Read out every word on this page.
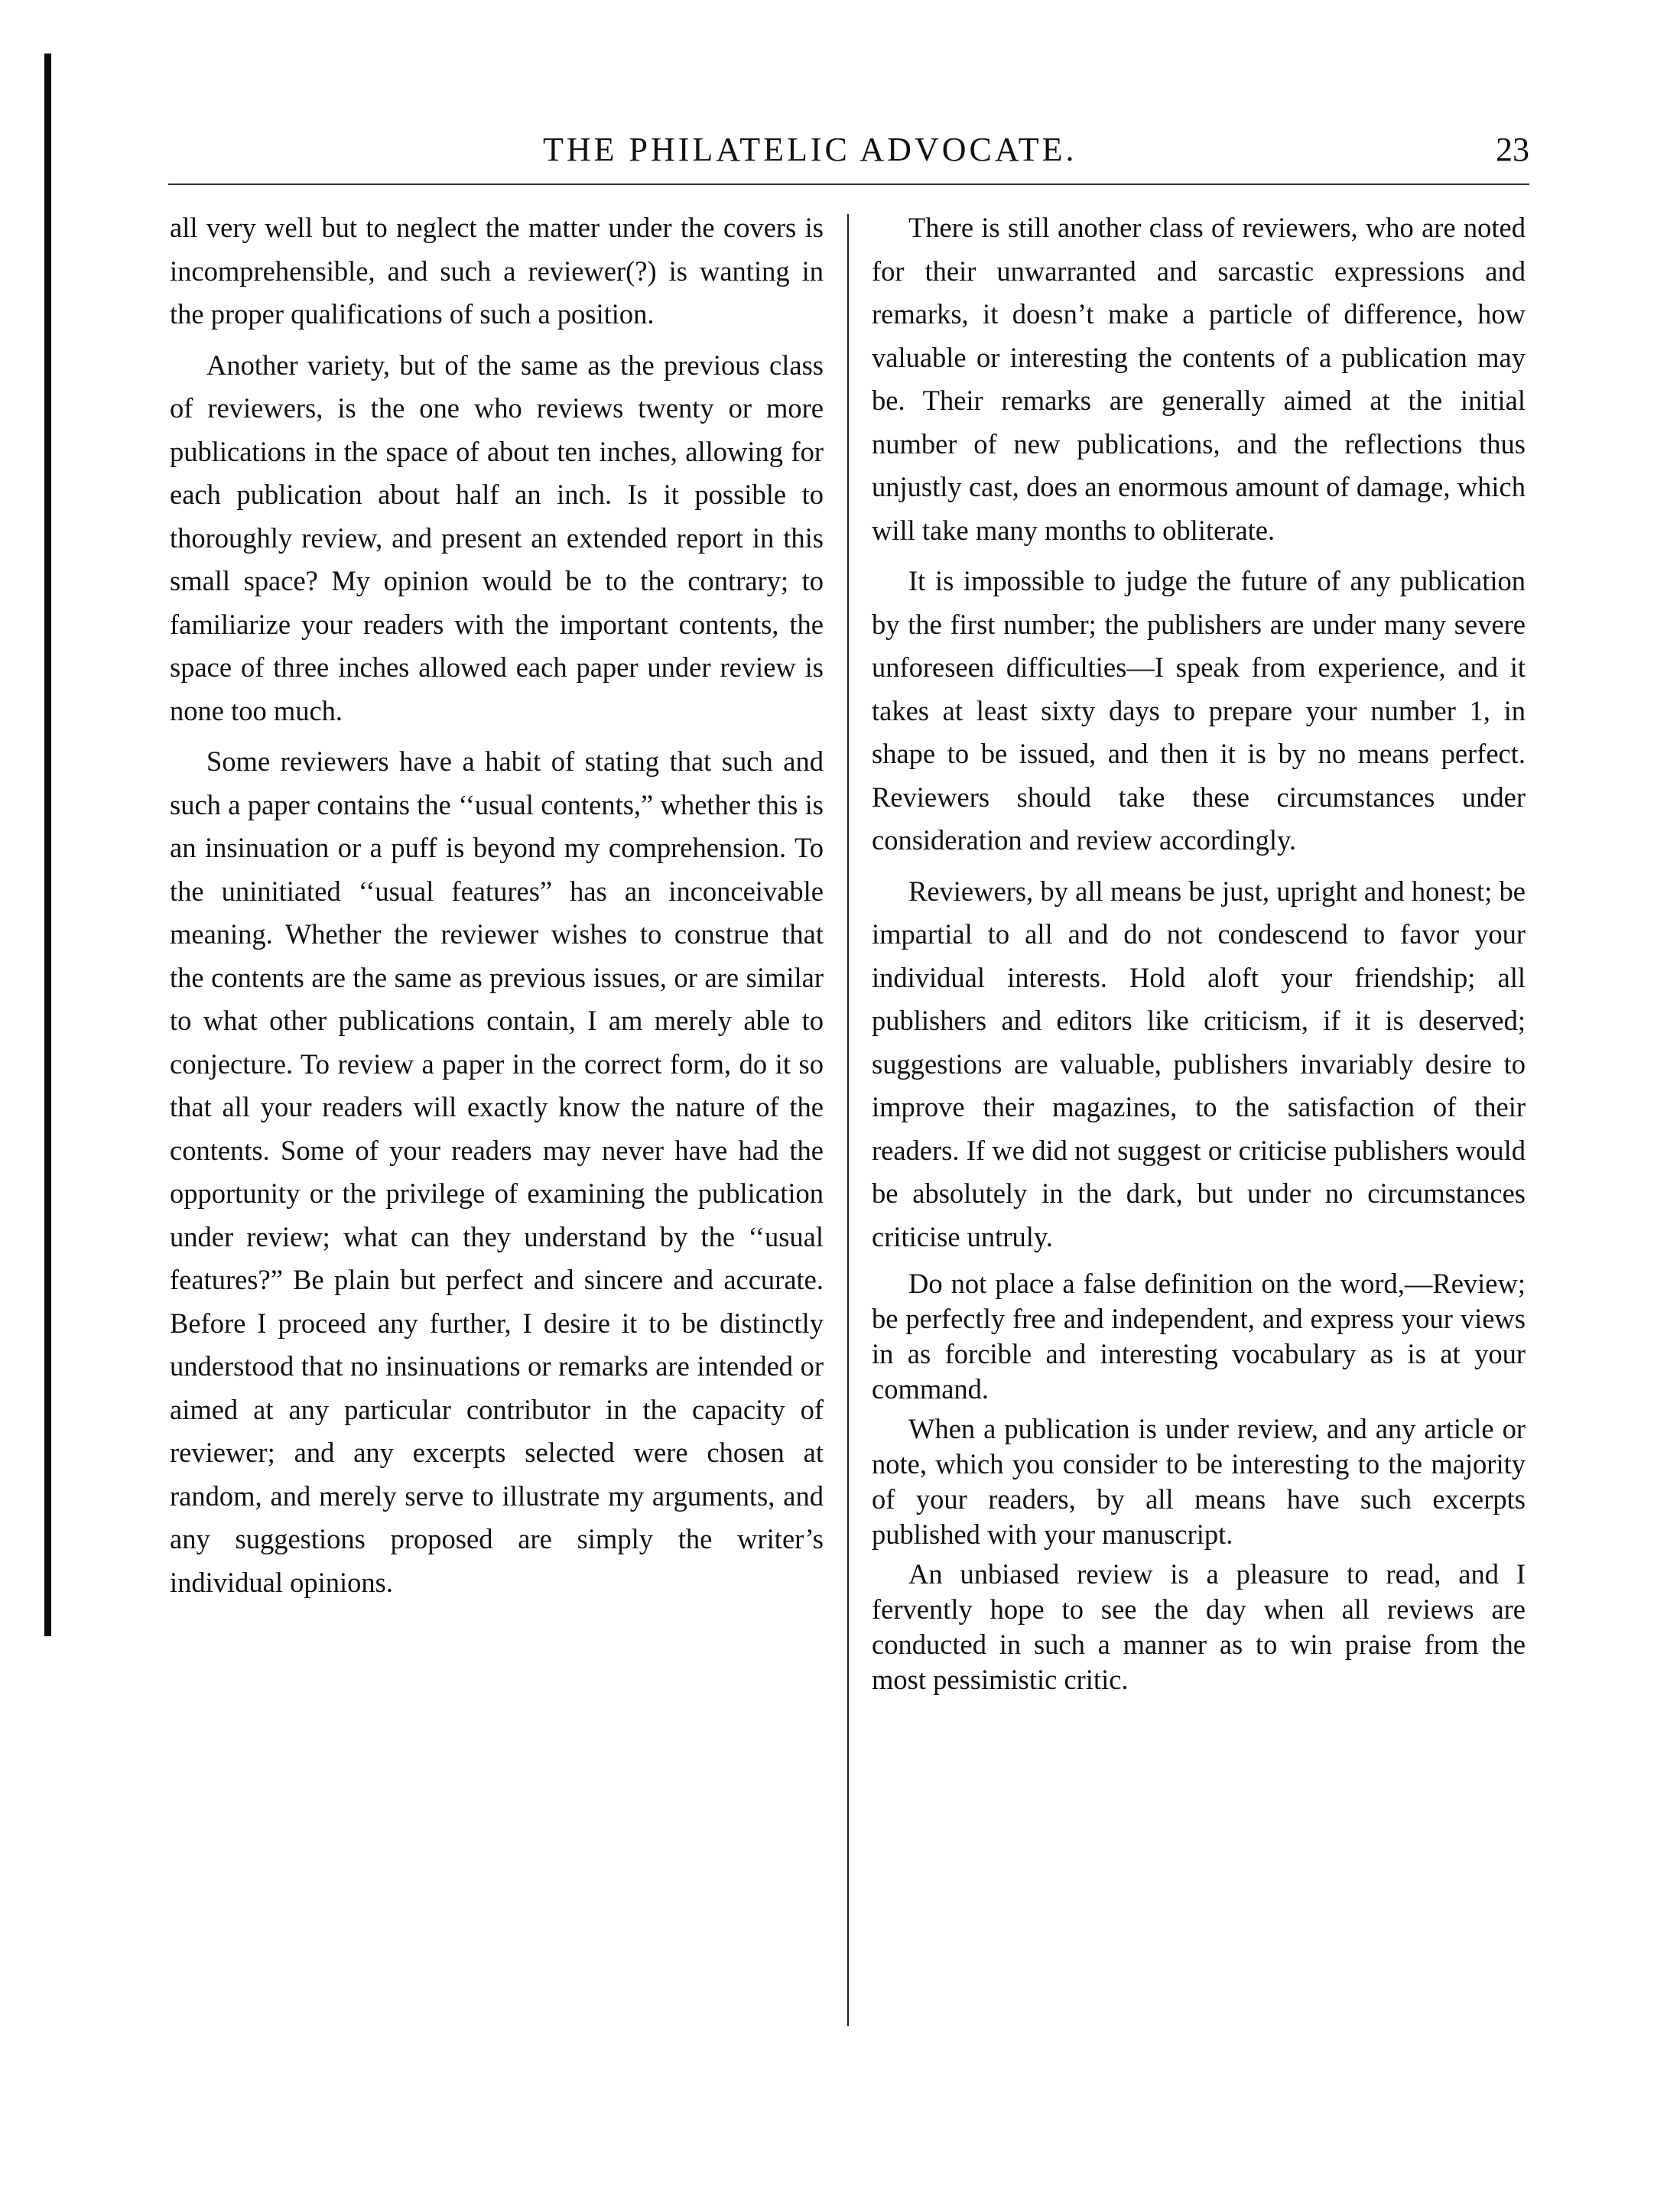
THE PHILATELIC ADVOCATE.	23

all very well but to neglect the matter under the covers is incomprehensible, and such a reviewer(?) is wanting in the proper qualifications of such a position.

Another variety, but of the same as the previous class of reviewers, is the one who reviews twenty or more publications in the space of about ten inches, allowing for each publication about half an inch. Is it possible to thoroughly review, and present an extended report in this small space? My opinion would be to the contrary; to familiarize your readers with the important contents, the space of three inches allowed each paper under review is none too much.

Some reviewers have a habit of stating that such and such a paper contains the ‘‘usual contents,” whether this is an insinuation or a puff is beyond my comprehension. To the uninitiated ‘‘usual features” has an inconceivable meaning. Whether the reviewer wishes to construe that the contents are the same as previous issues, or are similar to what other publications contain, I am merely able to conjecture. To review a paper in the correct form, do it so that all your readers will exactly know the nature of the contents. Some of your readers may never have had the opportunity or the privilege of examining the publication under review; what can they understand by the ‘‘usual features?” Be plain but perfect and sincere and accurate. Before I proceed any further, I desire it to be distinctly understood that no insinuations or remarks are intended or aimed at any particular contributor in the capacity of reviewer; and any excerpts selected were chosen at random, and merely serve to illustrate my arguments, and any suggestions proposed are simply the writer’s individual opinions.

There is still another class of reviewers, who are noted for their unwarranted and sarcastic expressions and remarks, it doesn’t make a particle of difference, how valuable or interesting the contents of a publication may be. Their remarks are generally aimed at the initial number of new publications, and the reflections thus unjustly cast, does an enormous amount of damage, which will take many months to obliterate.

It is impossible to judge the future of any publication by the first number; the publishers are under many severe unforeseen difficulties—I speak from experience, and it takes at least sixty days to prepare your number 1, in shape to be issued, and then it is by no means perfect. Reviewers should take these circumstances under consideration and review accordingly.

Reviewers, by all means be just, upright and honest; be impartial to all and do not condescend to favor your individual interests. Hold aloft your friendship; all publishers and editors like criticism, if it is deserved; suggestions are valuable, publishers invariably desire to improve their magazines, to the satisfaction of their readers. If we did not suggest or criticise publishers would be absolutely in the dark, but under no circumstances criticise untruly.

Do not place a false definition on the word,—Review; be perfectly free and independent, and express your views in as forcible and interesting vocabulary as is at your command.

When a publication is under review, and any article or note, which you consider to be interesting to the majority of your readers, by all means have such excerpts published with your manuscript.

An unbiased review is a pleasure to read, and I fervently hope to see the day when all reviews are conducted in such a manner as to win praise from the most pessimistic critic.
